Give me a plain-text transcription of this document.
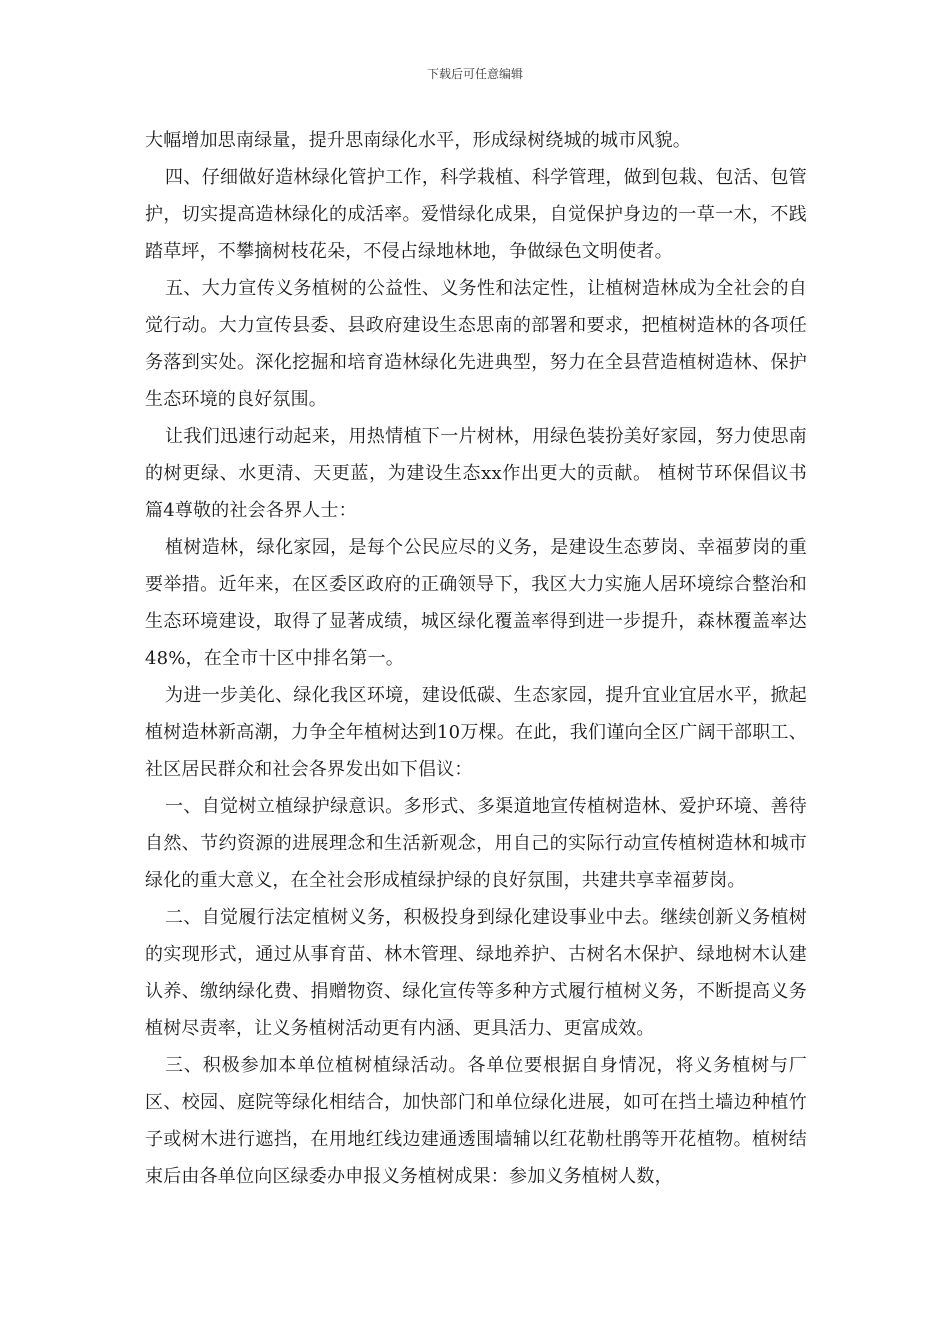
下载后可任意编辑

大幅增加思南绿量，提升思南绿化水平，形成绿树绕城的城市风貌。

四、仔细做好造林绿化管护工作，科学栽植、科学管理，做到包栽、包活、包管护，切实提高造林绿化的成活率。爱惜绿化成果，自觉保护身边的一草一木，不践踏草坪，不攀摘树枝花朵，不侵占绿地林地，争做绿色文明使者。

五、大力宣传义务植树的公益性、义务性和法定性，让植树造林成为全社会的自觉行动。大力宣传县委、县政府建设生态思南的部署和要求，把植树造林的各项任务落到实处。深化挖掘和培育造林绿化先进典型，努力在全县营造植树造林、保护生态环境的良好氛围。

让我们迅速行动起来，用热情植下一片树林，用绿色装扮美好家园，努力使思南的树更绿、水更清、天更蓝，为建设生态xx作出更大的贡献。 植树节环保倡议书篇4尊敬的社会各界人士：

植树造林，绿化家园，是每个公民应尽的义务，是建设生态萝岗、幸福萝岗的重要举措。近年来，在区委区政府的正确领导下，我区大力实施人居环境综合整治和生态环境建设，取得了显著成绩，城区绿化覆盖率得到进一步提升，森林覆盖率达48%，在全市十区中排名第一。

为进一步美化、绿化我区环境，建设低碳、生态家园，提升宜业宜居水平，掀起植树造林新高潮，力争全年植树达到10万棵。在此，我们谨向全区广阔干部职工、社区居民群众和社会各界发出如下倡议：

一、自觉树立植绿护绿意识。多形式、多渠道地宣传植树造林、爱护环境、善待自然、节约资源的进展理念和生活新观念，用自己的实际行动宣传植树造林和城市绿化的重大意义，在全社会形成植绿护绿的良好氛围，共建共享幸福萝岗。

二、自觉履行法定植树义务，积极投身到绿化建设事业中去。继续创新义务植树的实现形式，通过从事育苗、林木管理、绿地养护、古树名木保护、绿地树木认建认养、缴纳绿化费、捐赠物资、绿化宣传等多种方式履行植树义务，不断提高义务植树尽责率，让义务植树活动更有内涵、更具活力、更富成效。

三、积极参加本单位植树植绿活动。各单位要根据自身情况，将义务植树与厂区、校园、庭院等绿化相结合，加快部门和单位绿化进展，如可在挡土墙边种植竹子或树木进行遮挡，在用地红线边建通透围墙辅以红花勒杜鹃等开花植物。植树结束后由各单位向区绿委办申报义务植树成果：参加义务植树人数，
